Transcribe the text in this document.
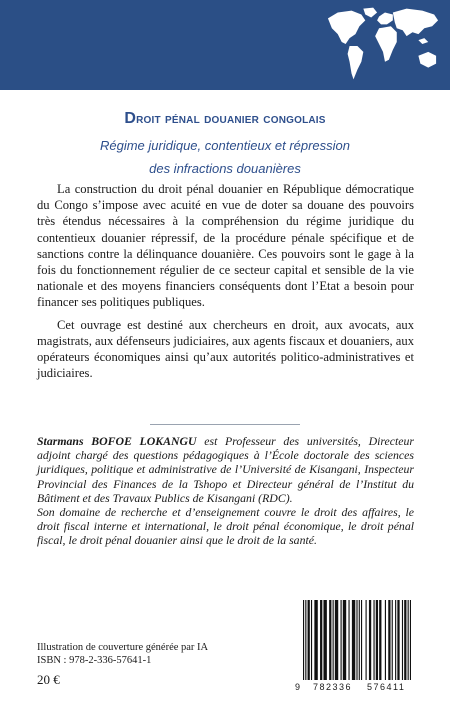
Droit pénal douanier congolais
Régime juridique, contentieux et répression
des infractions douanières

La construction du droit pénal douanier en République démocratique du Congo s’impose avec acuité en vue de doter sa douane des pouvoirs très étendus nécessaires à la compréhension du régime juridique du contentieux douanier répressif, de la procédure pénale spécifique et de sanctions contre la délinquance douanière. Ces pouvoirs sont le gage à la fois du fonctionnement régulier de ce secteur capital et sensible de la vie nationale et des moyens financiers conséquents dont l’Etat a besoin pour financer ses politiques publiques.

Cet ouvrage est destiné aux chercheurs en droit, aux avocats, aux magistrats, aux défenseurs judiciaires, aux agents fiscaux et douaniers, aux opérateurs économiques ainsi qu’aux autorités politico-administratives et judiciaires.

Starmans BOFOE LOKANGU est Professeur des universités, Directeur adjoint chargé des questions pédagogiques à l’École doctorale des sciences juridiques, politique et administrative de l’Université de Kisangani, Inspecteur Provincial des Finances de la Tshopo et Directeur général de l’Institut du Bâtiment et des Travaux Publics de Kisangani (RDC).

Son domaine de recherche et d’enseignement couvre le droit des affaires, le droit fiscal interne et international, le droit pénal économique, le droit pénal fiscal, le droit pénal douanier ainsi que le droit de la santé.

Illustration de couverture générée par IA
ISBN : 978-2-336-57641-1
20 €	9 782336 576411
